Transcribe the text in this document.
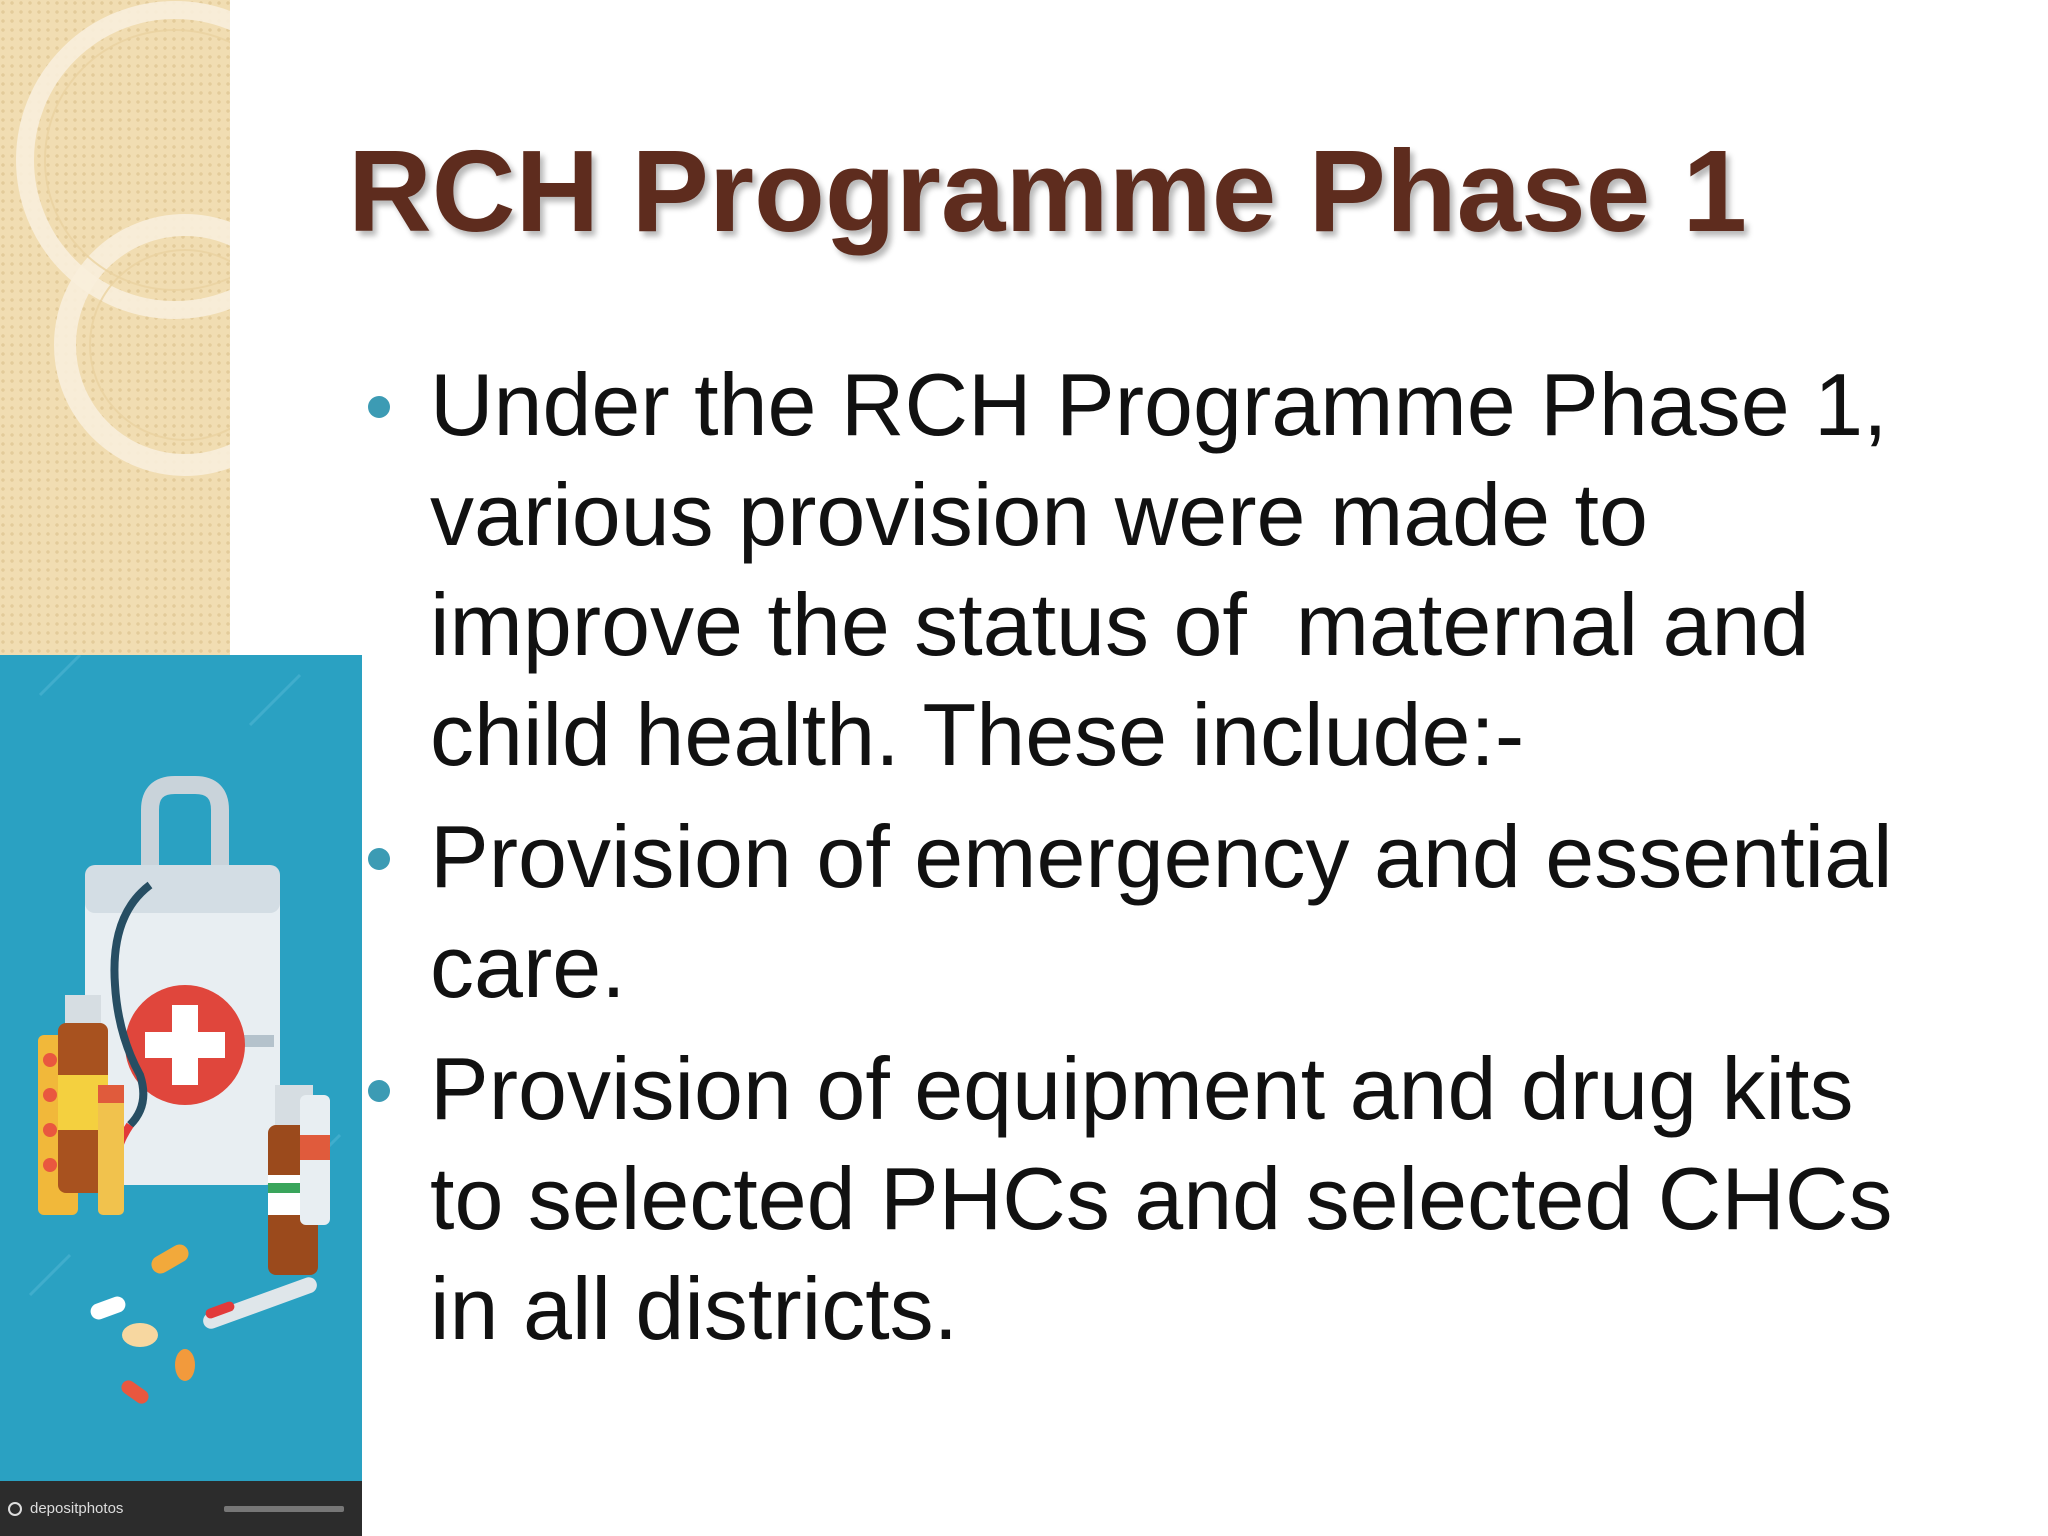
depositphotos
RCH Programme Phase 1
Under the RCH Programme Phase 1,
various provision were made to
improve the status of  maternal and
child health. These include:-
Provision of emergency and essential
care.
Provision of equipment and drug kits
to selected PHCs and selected CHCs
in all districts.
